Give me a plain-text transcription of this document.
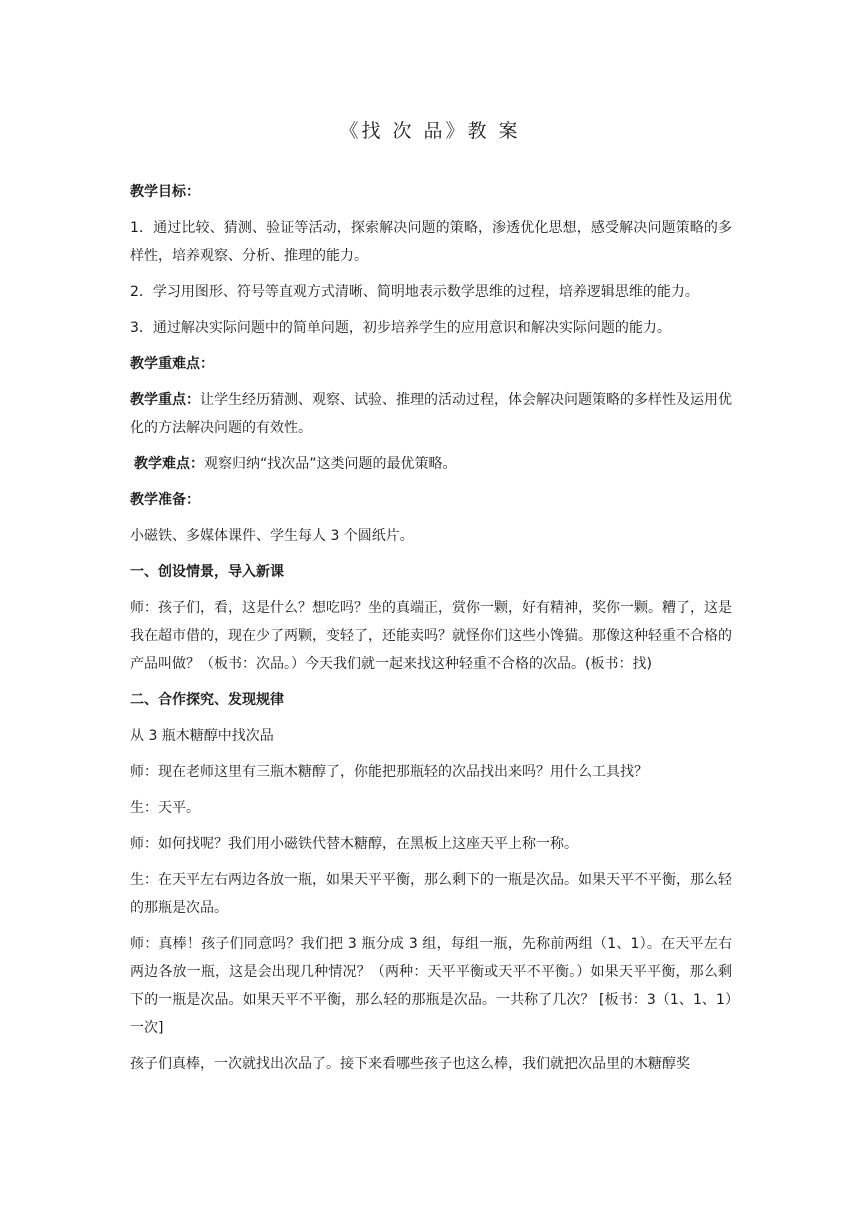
《找 次 品》教 案

教学目标：

1．通过比较、猜测、验证等活动，探索解决问题的策略，渗透优化思想，感受解决问题策略的多样性，培养观察、分析、推理的能力。

2．学习用图形、符号等直观方式清晰、简明地表示数学思维的过程，培养逻辑思维的能力。

3．通过解决实际问题中的简单问题，初步培养学生的应用意识和解决实际问题的能力。

教学重难点：

教学重点：让学生经历猜测、观察、试验、推理的活动过程，体会解决问题策略的多样性及运用优化的方法解决问题的有效性。

教学难点：观察归纳“找次品”这类问题的最优策略。

教学准备：

小磁铁、多媒体课件、学生每人 3 个圆纸片。

一、创设情景，导入新课

师：孩子们，看，这是什么？想吃吗？坐的真端正，赏你一颗，好有精神，奖你一颗。糟了，这是我在超市借的，现在少了两颗，变轻了，还能卖吗？就怪你们这些小馋猫。那像这种轻重不合格的产品叫做？（板书：次品。）今天我们就一起来找这种轻重不合格的次品。(板书：找)

二、合作探究、发现规律

从 3 瓶木糖醇中找次品

师：现在老师这里有三瓶木糖醇了，你能把那瓶轻的次品找出来吗？用什么工具找？

生：天平。

师：如何找呢？我们用小磁铁代替木糖醇，在黑板上这座天平上称一称。

生：在天平左右两边各放一瓶，如果天平平衡，那么剩下的一瓶是次品。如果天平不平衡，那么轻的那瓶是次品。

师：真棒！孩子们同意吗？我们把 3 瓶分成 3 组，每组一瓶，先称前两组（1、1）。在天平左右两边各放一瓶，这是会出现几种情况？（两种：天平平衡或天平不平衡。）如果天平平衡，那么剩下的一瓶是次品。如果天平不平衡，那么轻的那瓶是次品。一共称了几次？ [板书：3（1、1、1）一次]

孩子们真棒，一次就找出次品了。接下来看哪些孩子也这么棒，我们就把次品里的木糖醇奖
